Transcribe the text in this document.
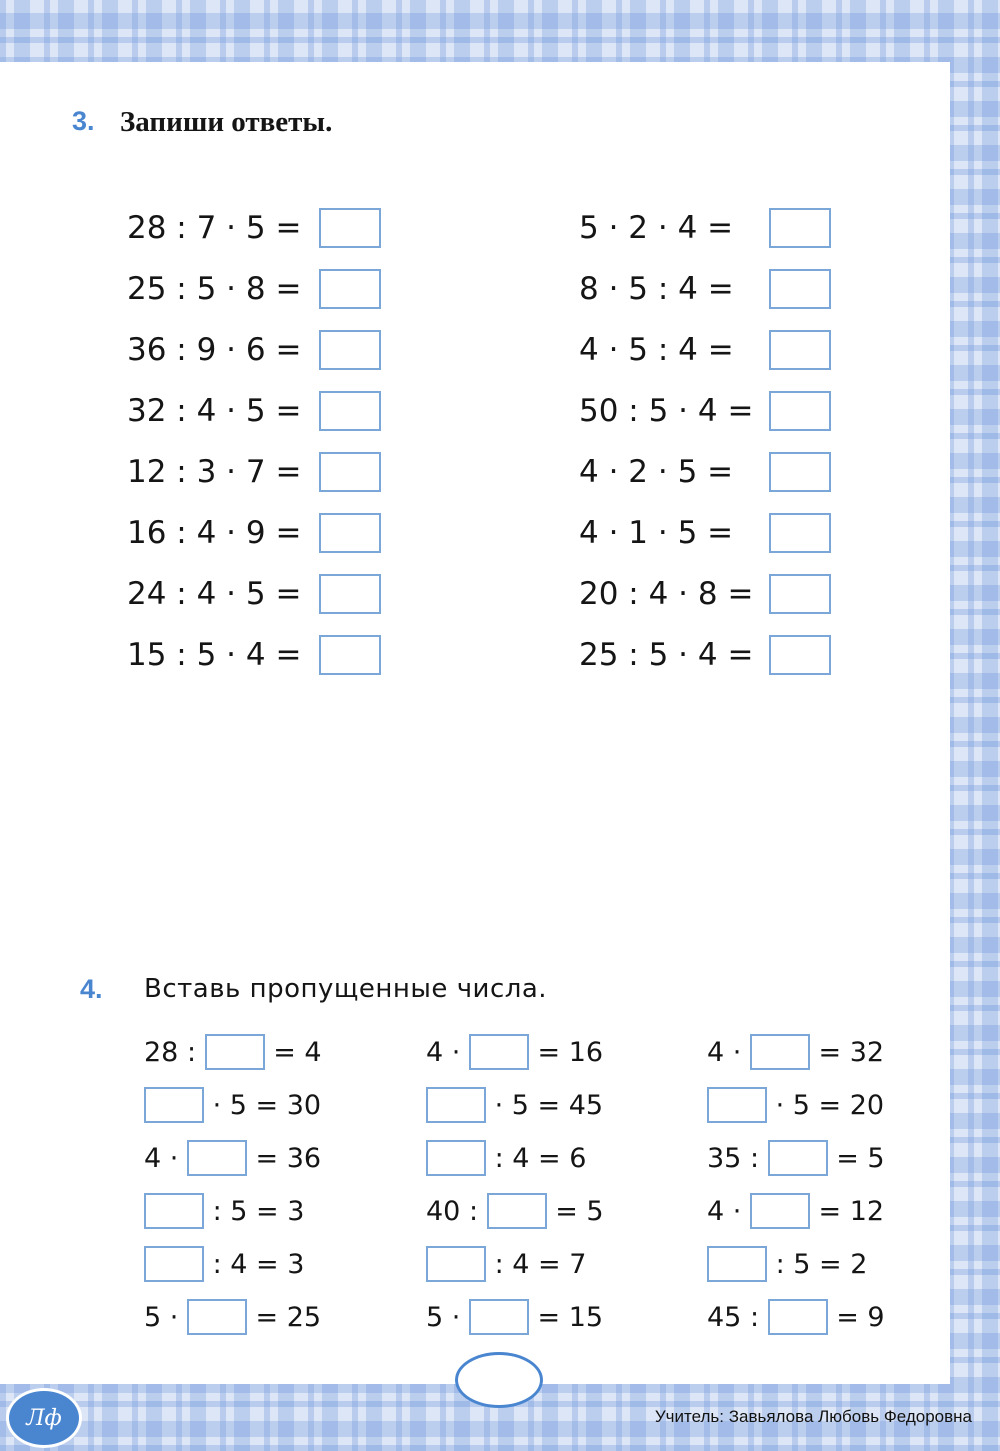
3. Запиши ответы.
28 : 7 · 5 =
25 : 5 · 8 =
36 : 9 · 6 =
32 : 4 · 5 =
12 : 3 · 7 =
16 : 4 · 9 =
24 : 4 · 5 =
15 : 5 · 4 =
5 · 2 · 4 =
8 · 5 : 4 =
4 · 5 : 4 =
50 : 5 · 4 =
4 · 2 · 5 =
4 · 1 · 5 =
20 : 4 · 8 =
25 : 5 · 4 =
4. Вставь пропущенные числа.
28 : = 4
· 5 = 30
4 · = 36
: 5 = 3
: 4 = 3
5 · = 25
4 · = 16
· 5 = 45
: 4 = 6
40 : = 5
: 4 = 7
5 · = 15
4 · = 32
· 5 = 20
35 : = 5
4 · = 12
: 5 = 2
45 : = 9
Лф	Учитель: Завьялова Любовь Федоровна
